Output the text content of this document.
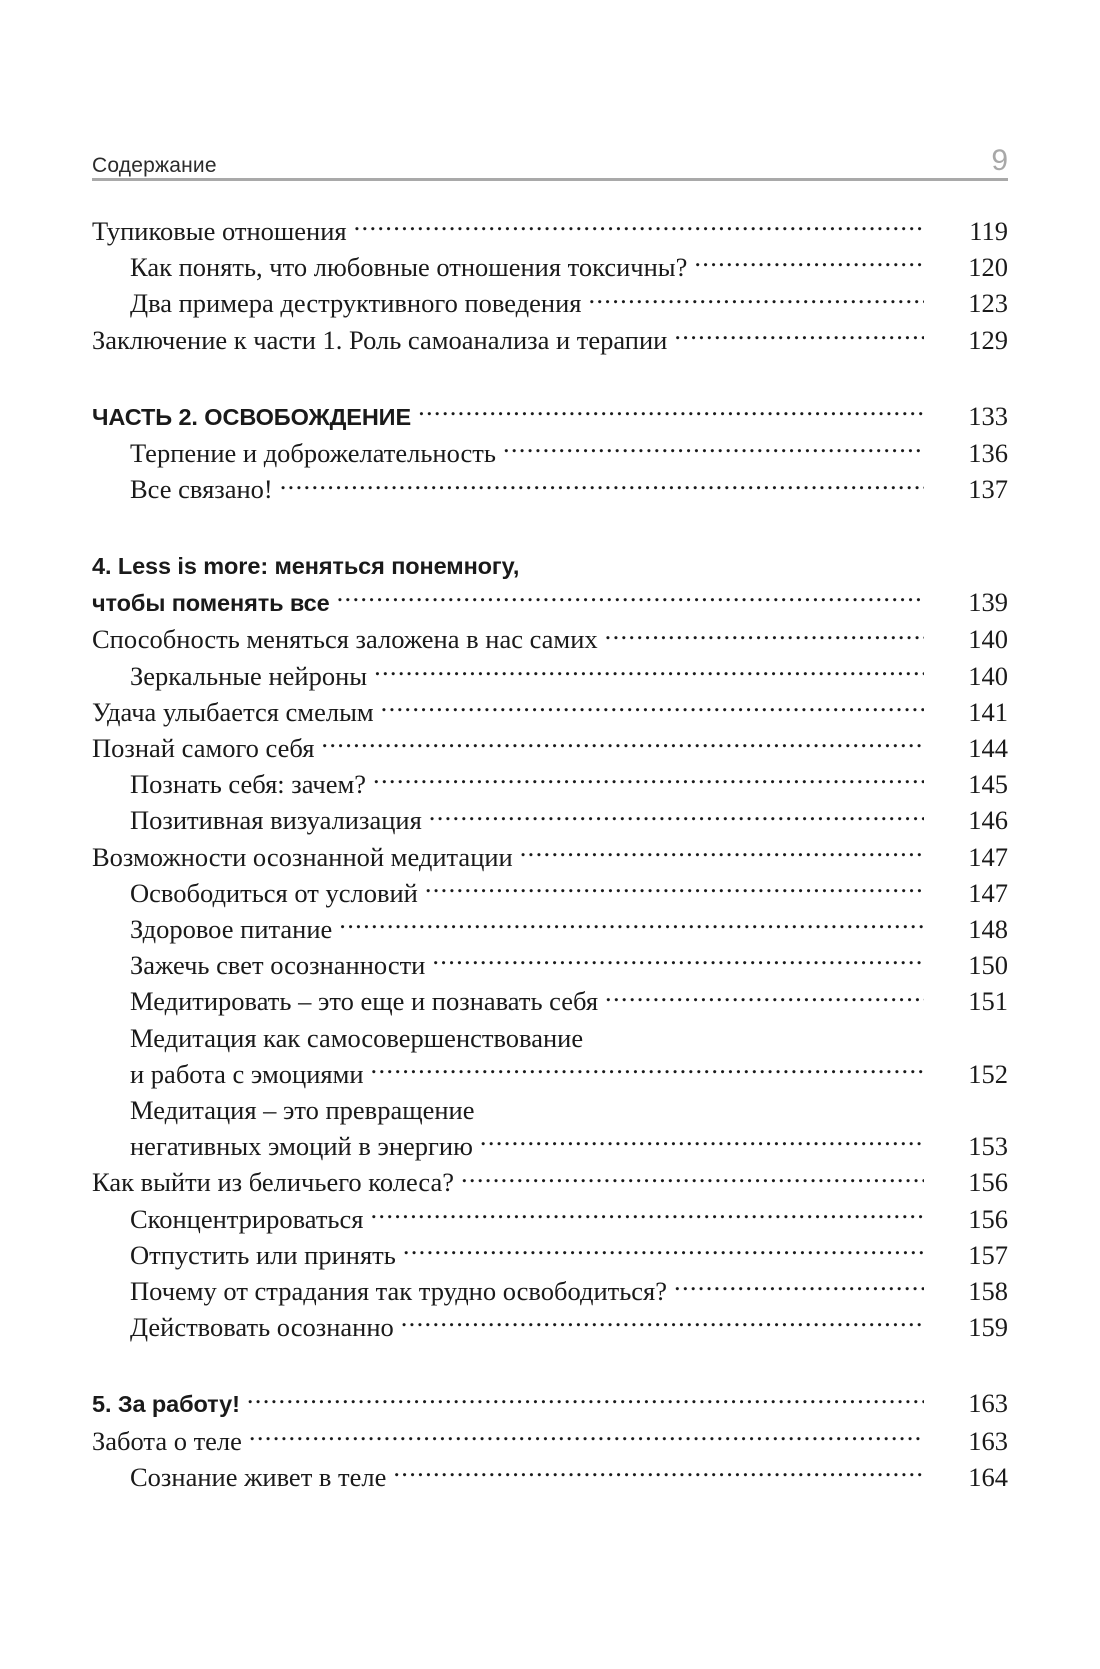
Содержание	9
Тупиковые отношения .....	119
Как понять, что любовные отношения токсичны? .....	120
Два примера деструктивного поведения .....	123
Заключение к части 1. Роль самоанализа и терапии .....	129
ЧАСТЬ 2. ОСВОБОЖДЕНИЕ .....	133
Терпение и доброжелательность .....	136
Все связано! .....	137
4. Less is more: меняться понемногу,
чтобы поменять все .....	139
Способность меняться заложена в нас самих .....	140
Зеркальные нейроны .....	140
Удача улыбается смелым .....	141
Познай самого себя .....	144
Познать себя: зачем? .....	145
Позитивная визуализация .....	146
Возможности осознанной медитации .....	147
Освободиться от условий .....	147
Здоровое питание .....	148
Зажечь свет осознанности .....	150
Медитировать – это еще и познавать себя .....	151
Медитация как самосовершенствование
и работа с эмоциями .....	152
Медитация – это превращение
негативных эмоций в энергию .....	153
Как выйти из беличьего колеса? .....	156
Сконцентрироваться .....	156
Отпустить или принять .....	157
Почему от страдания так трудно освободиться? .....	158
Действовать осознанно .....	159
5. За работу! .....	163
Забота о теле .....	163
Сознание живет в теле .....	164
